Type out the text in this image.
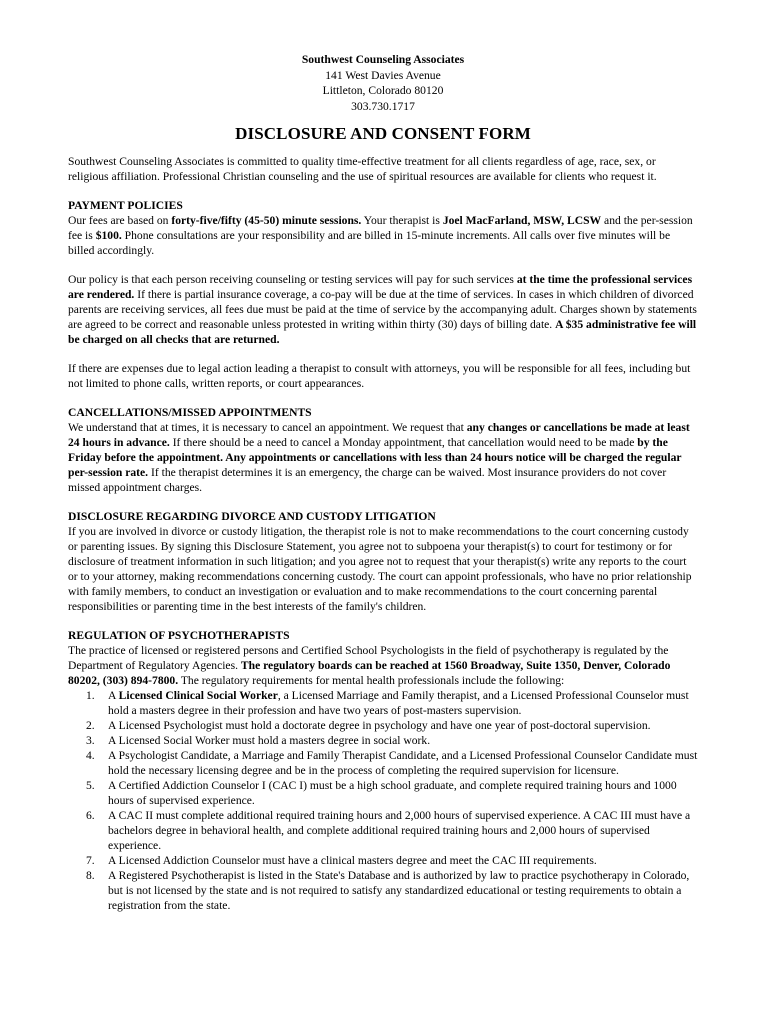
Southwest Counseling Associates
141 West Davies Avenue
Littleton, Colorado 80120
303.730.1717
DISCLOSURE AND CONSENT FORM

Southwest Counseling Associates is committed to quality time-effective treatment for all clients regardless of age, race, sex, or religious affiliation. Professional Christian counseling and the use of spiritual resources are available for clients who request it.

PAYMENT POLICIES

Our fees are based on forty-five/fifty (45-50) minute sessions. Your therapist is Joel MacFarland, MSW, LCSW and the per-session fee is $100. Phone consultations are your responsibility and are billed in 15-minute increments. All calls over five minutes will be billed accordingly.

Our policy is that each person receiving counseling or testing services will pay for such services at the time the professional services are rendered. If there is partial insurance coverage, a co-pay will be due at the time of services. In cases in which children of divorced parents are receiving services, all fees due must be paid at the time of service by the accompanying adult. Charges shown by statements are agreed to be correct and reasonable unless protested in writing within thirty (30) days of billing date. A $35 administrative fee will be charged on all checks that are returned.

If there are expenses due to legal action leading a therapist to consult with attorneys, you will be responsible for all fees, including but not limited to phone calls, written reports, or court appearances.

CANCELLATIONS/MISSED APPOINTMENTS

We understand that at times, it is necessary to cancel an appointment. We request that any changes or cancellations be made at least 24 hours in advance. If there should be a need to cancel a Monday appointment, that cancellation would need to be made by the Friday before the appointment. Any appointments or cancellations with less than 24 hours notice will be charged the regular per-session rate. If the therapist determines it is an emergency, the charge can be waived. Most insurance providers do not cover missed appointment charges.

DISCLOSURE REGARDING DIVORCE AND CUSTODY LITIGATION

If you are involved in divorce or custody litigation, the therapist role is not to make recommendations to the court concerning custody or parenting issues. By signing this Disclosure Statement, you agree not to subpoena your therapist(s) to court for testimony or for disclosure of treatment information in such litigation; and you agree not to request that your therapist(s) write any reports to the court or to your attorney, making recommendations concerning custody. The court can appoint professionals, who have no prior relationship with family members, to conduct an investigation or evaluation and to make recommendations to the court concerning parental responsibilities or parenting time in the best interests of the family's children.

REGULATION OF PSYCHOTHERAPISTS

The practice of licensed or registered persons and Certified School Psychologists in the field of psychotherapy is regulated by the Department of Regulatory Agencies. The regulatory boards can be reached at 1560 Broadway, Suite 1350, Denver, Colorado 80202, (303) 894-7800. The regulatory requirements for mental health professionals include the following:

1. A Licensed Clinical Social Worker, a Licensed Marriage and Family therapist, and a Licensed Professional Counselor must hold a masters degree in their profession and have two years of post-masters supervision.
2. A Licensed Psychologist must hold a doctorate degree in psychology and have one year of post-doctoral supervision.
3. A Licensed Social Worker must hold a masters degree in social work.
4. A Psychologist Candidate, a Marriage and Family Therapist Candidate, and a Licensed Professional Counselor Candidate must hold the necessary licensing degree and be in the process of completing the required supervision for licensure.
5. A Certified Addiction Counselor I (CAC I) must be a high school graduate, and complete required training hours and 1000 hours of supervised experience.
6. A CAC II must complete additional required training hours and 2,000 hours of supervised experience. A CAC III must have a bachelors degree in behavioral health, and complete additional required training hours and 2,000 hours of supervised experience.
7. A Licensed Addiction Counselor must have a clinical masters degree and meet the CAC III requirements.
8. A Registered Psychotherapist is listed in the State's Database and is authorized by law to practice psychotherapy in Colorado, but is not licensed by the state and is not required to satisfy any standardized educational or testing requirements to obtain a registration from the state.
